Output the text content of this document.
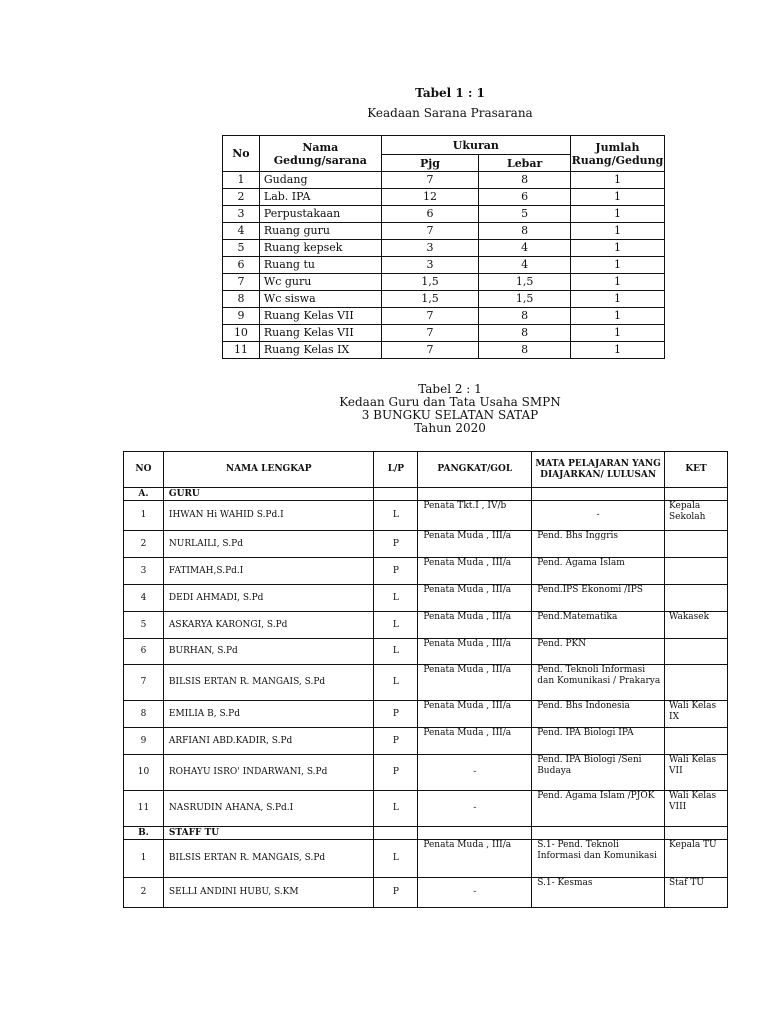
Tabel 1 : 1
Keadaan Sarana Prasarana
No	Nama Gedung/sarana	Ukuran		Jumlah Ruang/Gedung
		Pjg	Lebar	
1	Gudang	7	8	1
2	Lab. IPA	12	6	1
3	Perpustakaan	6	5	1
4	Ruang guru	7	8	1
5	Ruang kepsek	3	4	1
6	Ruang tu	3	4	1
7	Wc guru	1,5	1,5	1
8	Wc siswa	1,5	1,5	1
9	Ruang Kelas VII	7	8	1
10	Ruang Kelas VII	7	8	1
11	Ruang Kelas IX	7	8	1
Tabel 2 : 1
Kedaan Guru dan Tata Usaha SMPN
3 BUNGKU SELATAN SATAP
Tahun 2020
NO	NAMA LENGKAP	L/P	PANGKAT/GOL	MATA PELAJARAN YANG DIAJARKAN/ LULUSAN	KET
A.	GURU				
1	IHWAN Hi WAHID S.Pd.I	L	Penata Tkt.I , IV/b	-	Kepala Sekolah
2	NURLAILI, S.Pd	P	Penata Muda , III/a	Pend. Bhs Inggris	
3	FATIMAH,S.Pd.I	P	Penata Muda , III/a	Pend. Agama Islam	
4	DEDI AHMADI, S.Pd	L	Penata Muda , III/a	Pend.IPS Ekonomi /IPS	
5	ASKARYA KARONGI, S.Pd	L	Penata Muda , III/a	Pend.Matematika	Wakasek
6	BURHAN, S.Pd	L	Penata Muda , III/a	Pend. PKN	
7	BILSIS ERTAN R. MANGAIS, S.Pd	L	Penata Muda , III/a	Pend. Teknoli Informasi dan Komunikasi / Prakarya	
8	EMILIA B, S.Pd	P	Penata Muda , III/a	Pend. Bhs Indonesia	Wali Kelas IX
9	ARFIANI ABD.KADIR, S.Pd	P	Penata Muda , III/a	Pend. IPA Biologi IPA	
10	ROHAYU ISRO' INDARWANI, S.Pd	P	-	Pend. IPA Biologi /Seni Budaya	Wali Kelas VII
11	NASRUDIN AHANA, S.Pd.I	L	-	Pend. Agama Islam /PJOK	Wali Kelas VIII
B.	STAFF TU				
1	BILSIS ERTAN R. MANGAIS, S.Pd	L	Penata Muda , III/a	S.1- Pend. Teknoli Informasi dan Komunikasi	Kepala TU
2	SELLI ANDINI HUBU, S.KM	P	-	S.1- Kesmas	Staf TU
